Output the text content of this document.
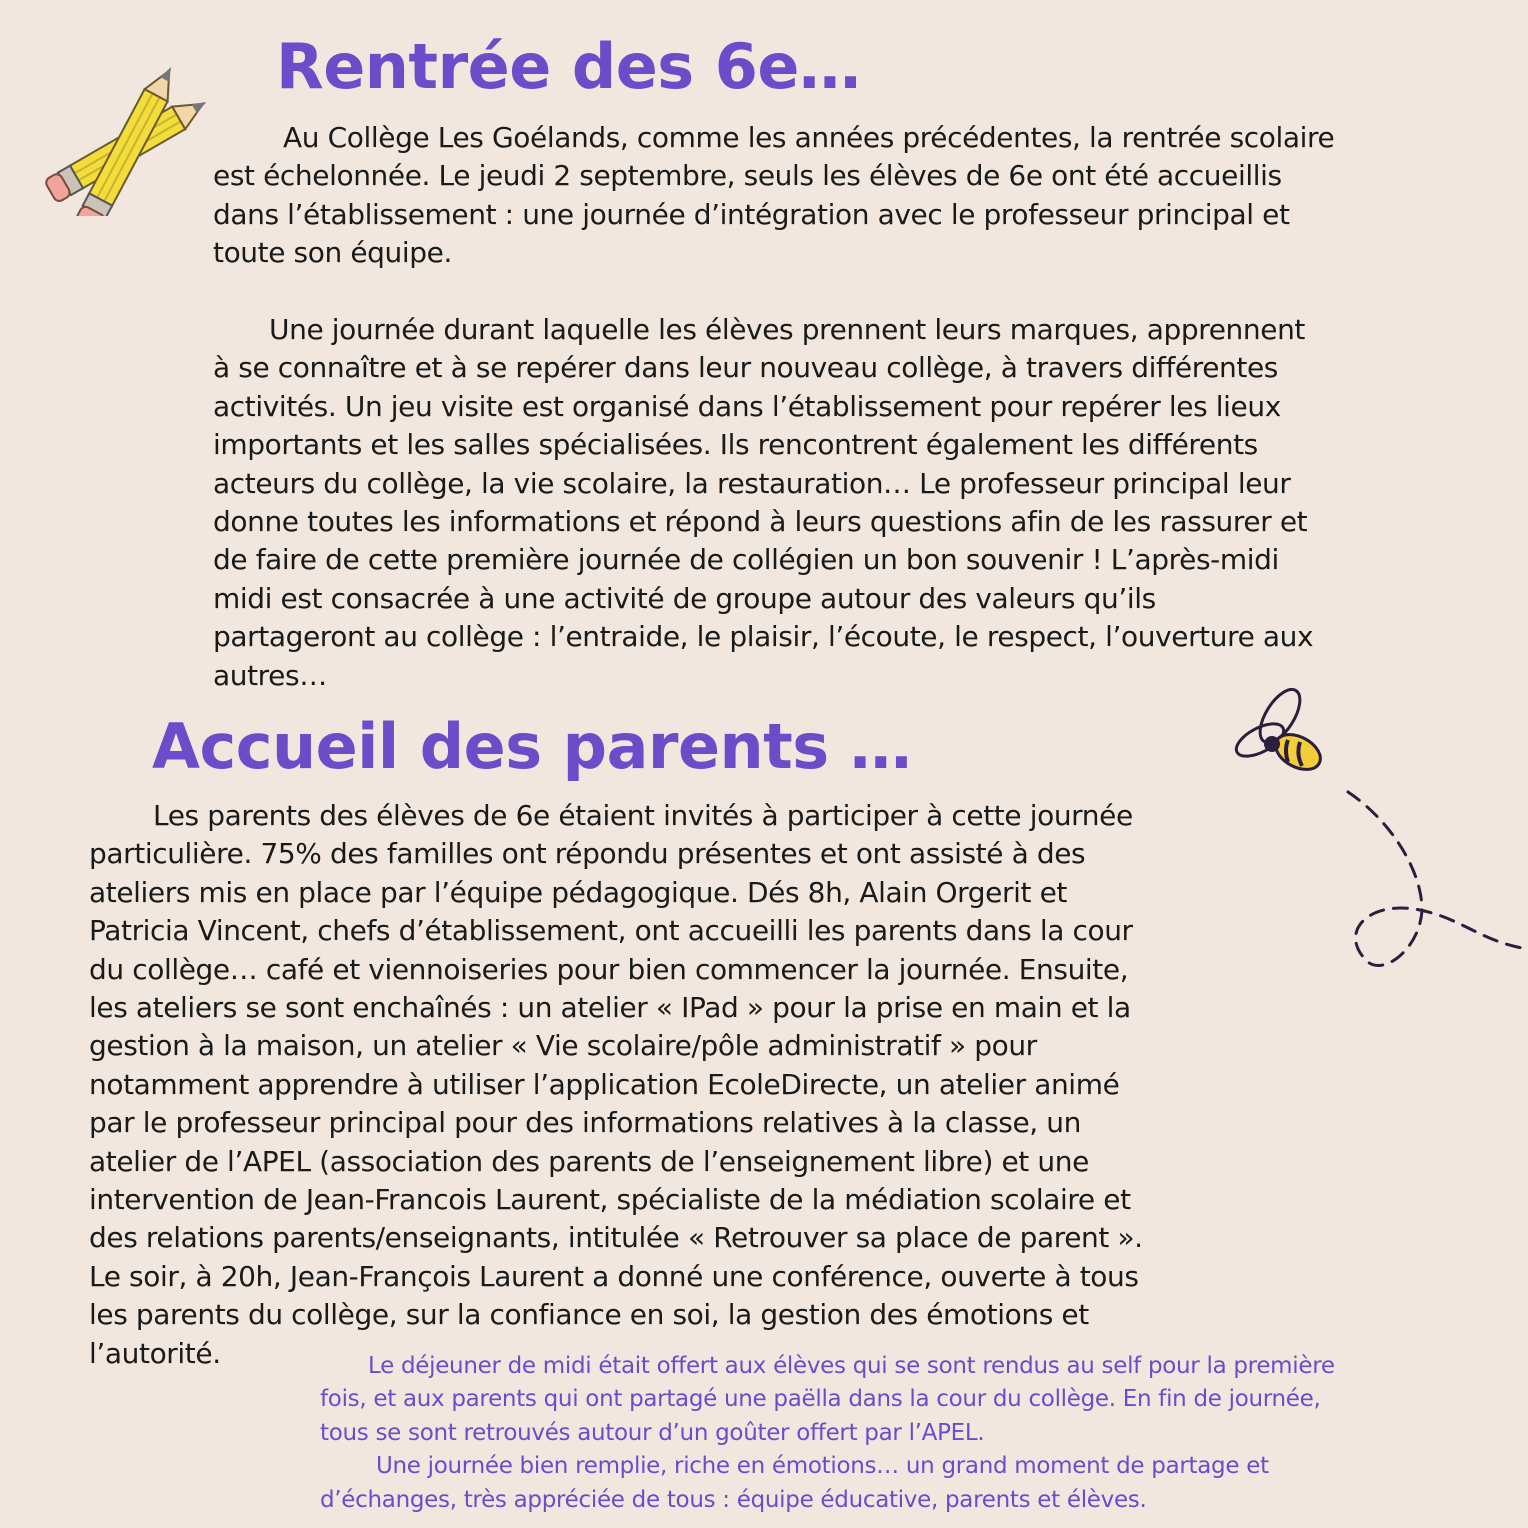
Rentrée des 6e…
Au Collège Les Goélands, comme les années précédentes, la rentrée scolaire
est échelonnée. Le jeudi 2 septembre, seuls les élèves de 6e ont été accueillis
dans l’établissement : une journée d’intégration avec le professeur principal et
toute son équipe.
Une journée durant laquelle les élèves prennent leurs marques, apprennent
à se connaître et à se repérer dans leur nouveau collège, à travers différentes
activités. Un jeu visite est organisé dans l’établissement pour repérer les lieux
importants et les salles spécialisées. Ils rencontrent également les différents
acteurs du collège, la vie scolaire, la restauration… Le professeur principal leur
donne toutes les informations et répond à leurs questions afin de les rassurer et
de faire de cette première journée de collégien un bon souvenir ! L’après-midi
midi est consacrée à une activité de groupe autour des valeurs qu’ils
partageront au collège : l’entraide, le plaisir, l’écoute, le respect, l’ouverture aux
autres…
Accueil des parents …
Les parents des élèves de 6e étaient invités à participer à cette journée
particulière. 75% des familles ont répondu présentes et ont assisté à des
ateliers mis en place par l’équipe pédagogique. Dés 8h, Alain Orgerit et
Patricia Vincent, chefs d’établissement, ont accueilli les parents dans la cour
du collège… café et viennoiseries pour bien commencer la journée. Ensuite,
les ateliers se sont enchaînés : un atelier « IPad » pour la prise en main et la
gestion à la maison, un atelier « Vie scolaire/pôle administratif » pour
notamment apprendre à utiliser l’application EcoleDirecte, un atelier animé
par le professeur principal pour des informations relatives à la classe, un
atelier de l’APEL (association des parents de l’enseignement libre) et une
intervention de Jean-Francois Laurent, spécialiste de la médiation scolaire et
des relations parents/enseignants, intitulée « Retrouver sa place de parent ».
Le soir, à 20h, Jean-François Laurent a donné une conférence, ouverte à tous
les parents du collège, sur la confiance en soi, la gestion des émotions et
l’autorité.	Le déjeuner de midi était offert aux élèves qui se sont rendus au self pour la première
fois, et aux parents qui ont partagé une paëlla dans la cour du collège. En fin de journée,
tous se sont retrouvés autour d’un goûter offert par l’APEL.
Une journée bien remplie, riche en émotions… un grand moment de partage et
d’échanges, très appréciée de tous : équipe éducative, parents et élèves.
